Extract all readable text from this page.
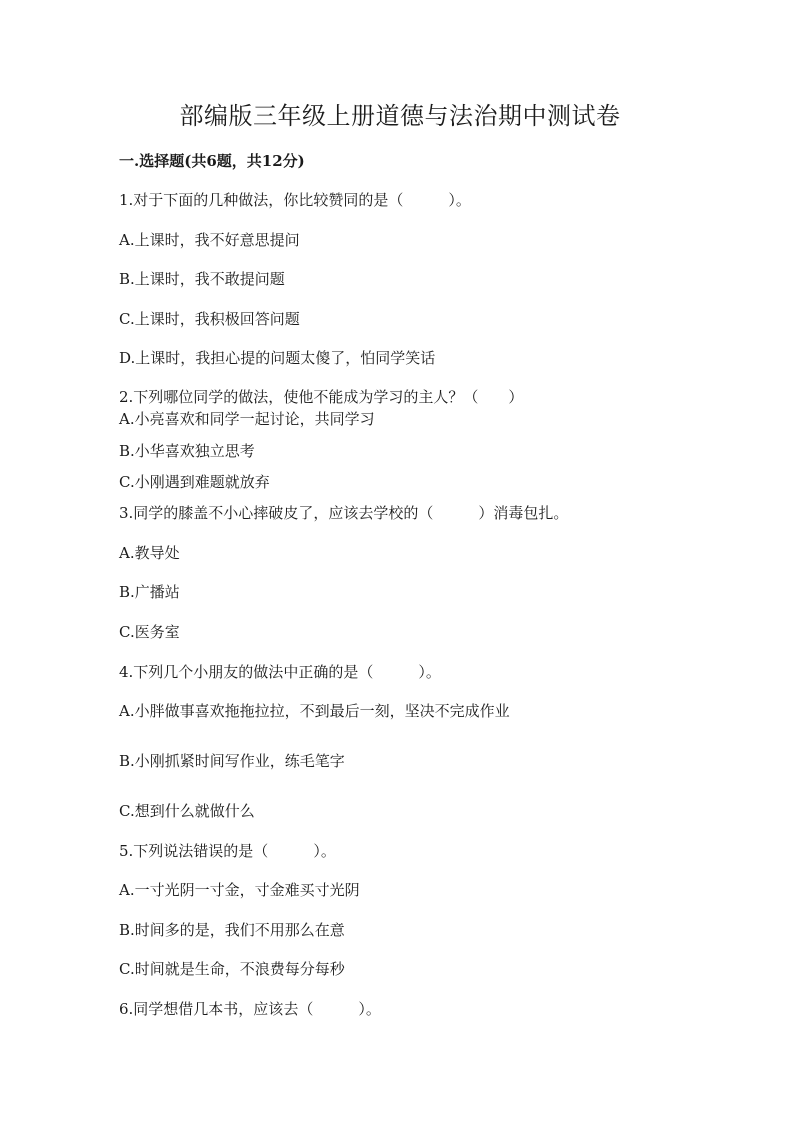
部编版三年级上册道德与法治期中测试卷
一.选择题(共6题，共12分)
1.对于下面的几种做法，你比较赞同的是（　　　）。
A.上课时，我不好意思提问
B.上课时，我不敢提问题
C.上课时，我积极回答问题
D.上课时，我担心提的问题太傻了，怕同学笑话
2.下列哪位同学的做法，使他不能成为学习的主人？（　　）
A.小亮喜欢和同学一起讨论，共同学习
B.小华喜欢独立思考
C.小刚遇到难题就放弃
3.同学的膝盖不小心摔破皮了，应该去学校的（　　　）消毒包扎。
A.教导处
B.广播站
C.医务室
4.下列几个小朋友的做法中正确的是（　　　）。
A.小胖做事喜欢拖拖拉拉，不到最后一刻，坚决不完成作业
B.小刚抓紧时间写作业，练毛笔字
C.想到什么就做什么
5.下列说法错误的是（　　　）。
A.一寸光阴一寸金，寸金难买寸光阴
B.时间多的是，我们不用那么在意
C.时间就是生命，不浪费每分每秒
6.同学想借几本书，应该去（　　　）。
